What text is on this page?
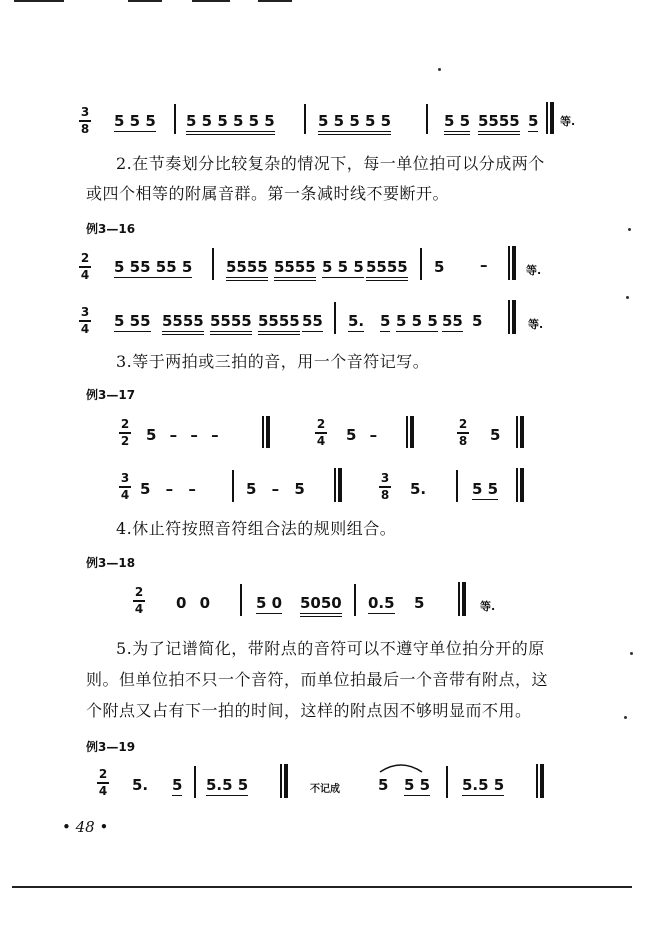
3
8 5 5 5 5 5 5 5 5 5	5 5 5 5 5	5 5 5555 5 等.
2.在节奏划分比较复杂的情况下，每一单位拍可以分成两个
或四个相等的附属音群。第一条减时线不要断开。
例3—16
2
4 5 55 55 5 5555 5555 5 5 5 5555 5 –	等.
3
4 5 55 5555 5555 5555 55 5. 5 5 5 5 55 5	等.
3.等于两拍或三拍的音，用一个音符记写。
例3—17
2
2 5 – – –
2
4 5 –
2
8 5
3
4 5 – –	5 – 5
3
8 5.	5 5
4.休止符按照音符组合法的规则组合。
例3—18
2
4 0 0	5 0 5050 0.5 5	等.
5.为了记谱简化，带附点的音符可以不遵守单位拍分开的原
则。但单位拍不只一个音符，而单位拍最后一个音带有附点，这
个附点又占有下一拍的时间，这样的附点因不够明显而不用。
例3—19
2
4 5. 5 5.5 5	不记成	5 5 5 5.5 5
• 48 •
